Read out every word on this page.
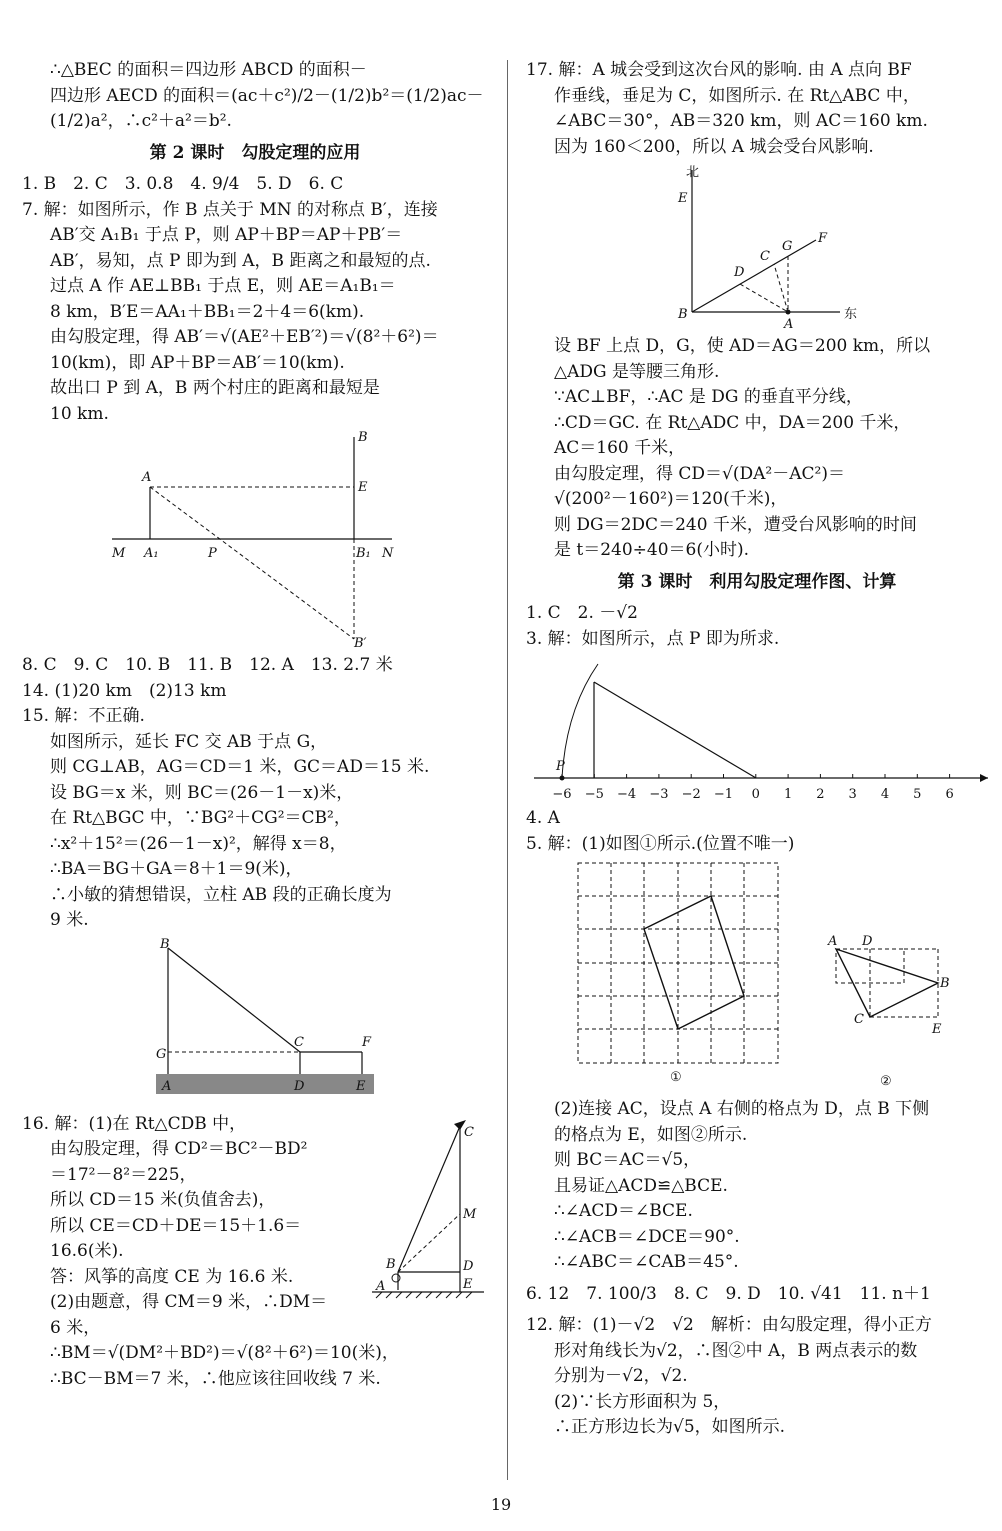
∴△BEC 的面积＝四边形 ABCD 的面积－
四边形 AECD 的面积＝(ac＋c²)/2－(1/2)b²＝(1/2)ac－
(1/2)a²，∴c²＋a²＝b².
第 2 课时　勾股定理的应用
1. B　2. C　3. 0.8　4. 9/4　5. D　6. C
7. 解：如图所示，作 B 点关于 MN 的对称点 B′，连接
AB′交 A₁B₁ 于点 P，则 AP＋BP＝AP＋PB′＝
AB′，易知，点 P 即为到 A，B 距离之和最短的点.
过点 A 作 AE⊥BB₁ 于点 E，则 AE＝A₁B₁＝
8 km，B′E＝AA₁＋BB₁＝2＋4＝6(km).
由勾股定理，得 AB′＝√(AE²＋EB′²)＝√(8²＋6²)＝
10(km)，即 AP＋BP＝AB′＝10(km).
故出口 P 到 A，B 两个村庄的距离和最短是
10 km.
B
A
E
M A₁	P	B₁ N
B′
8. C　9. C　10. B　11. B　12. A　13. 2.7 米
14. (1)20 km　(2)13 km
15. 解：不正确.
如图所示，延长 FC 交 AB 于点 G，
则 CG⊥AB，AG＝CD＝1 米，GC＝AD＝15 米.
设 BG＝x 米，则 BC＝(26－1－x)米，
在 Rt△BGC 中，∵BG²＋CG²＝CB²，
∴x²＋15²＝(26－1－x)²，解得 x＝8，
∴BA＝BG＋GA＝8＋1＝9(米)，
∴小敏的猜想错误，立柱 AB 段的正确长度为
9 米.
B
C	F
G
A	D	E
16. 解：(1)在 Rt△CDB 中，
由勾股定理，得 CD²＝BC²－BD²
＝17²－8²＝225，
所以 CD＝15 米(负值舍去)，
所以 CE＝CD＋DE＝15＋1.6＝
16.6(米).
答：风筝的高度 CE 为 16.6 米.
(2)由题意，得 CM＝9 米，∴DM＝
6 米，
∴BM＝√(DM²＋BD²)＝√(8²＋6²)＝10(米)，
∴BC－BM＝7 米，∴他应该往回收线 7 米.
C
M
B	D
A	E
17. 解：A 城会受到这次台风的影响. 由 A 点向 BF
作垂线，垂足为 C，如图所示. 在 Rt△ABC 中，
∠ABC＝30°，AB＝320 km，则 AC＝160 km.
因为 160＜200，所以 A 城会受台风影响.
北
东
E
B
A
D
C
G
F
设 BF 上点 D，G，使 AD＝AG＝200 km，所以
△ADG 是等腰三角形.
∵AC⊥BF，∴AC 是 DG 的垂直平分线，
∴CD＝GC. 在 Rt△ADC 中，DA＝200 千米，
AC＝160 千米，
由勾股定理，得 CD＝√(DA²－AC²)＝
√(200²－160²)＝120(千米)，
则 DG＝2DC＝240 千米，遭受台风影响的时间
是 t＝240÷40＝6(小时).
第 3 课时　利用勾股定理作图、计算
1. C　2. －√2
3. 解：如图所示，点 P 即为所求.
P
−6 −5 −4 −3 −2 −1 0 1 2 3 4 5 6
4. A
5. 解：(1)如图①所示.(位置不唯一)
①
A D
B
C
E
②
(2)连接 AC，设点 A 右侧的格点为 D，点 B 下侧
的格点为 E，如图②所示.
则 BC＝AC＝√5，
且易证△ACD≌△BCE.
∴∠ACD＝∠BCE.
∴∠ACB＝∠DCE＝90°.
∴∠ABC＝∠CAB＝45°.
6. 12　7. 100/3　8. C　9. D　10. √41　11. n＋1
12. 解：(1)－√2　√2　解析：由勾股定理，得小正方
形对角线长为√2，∴图②中 A，B 两点表示的数
分别为－√2，√2.
(2)∵长方形面积为 5，
∴正方形边长为√5，如图所示.
19
